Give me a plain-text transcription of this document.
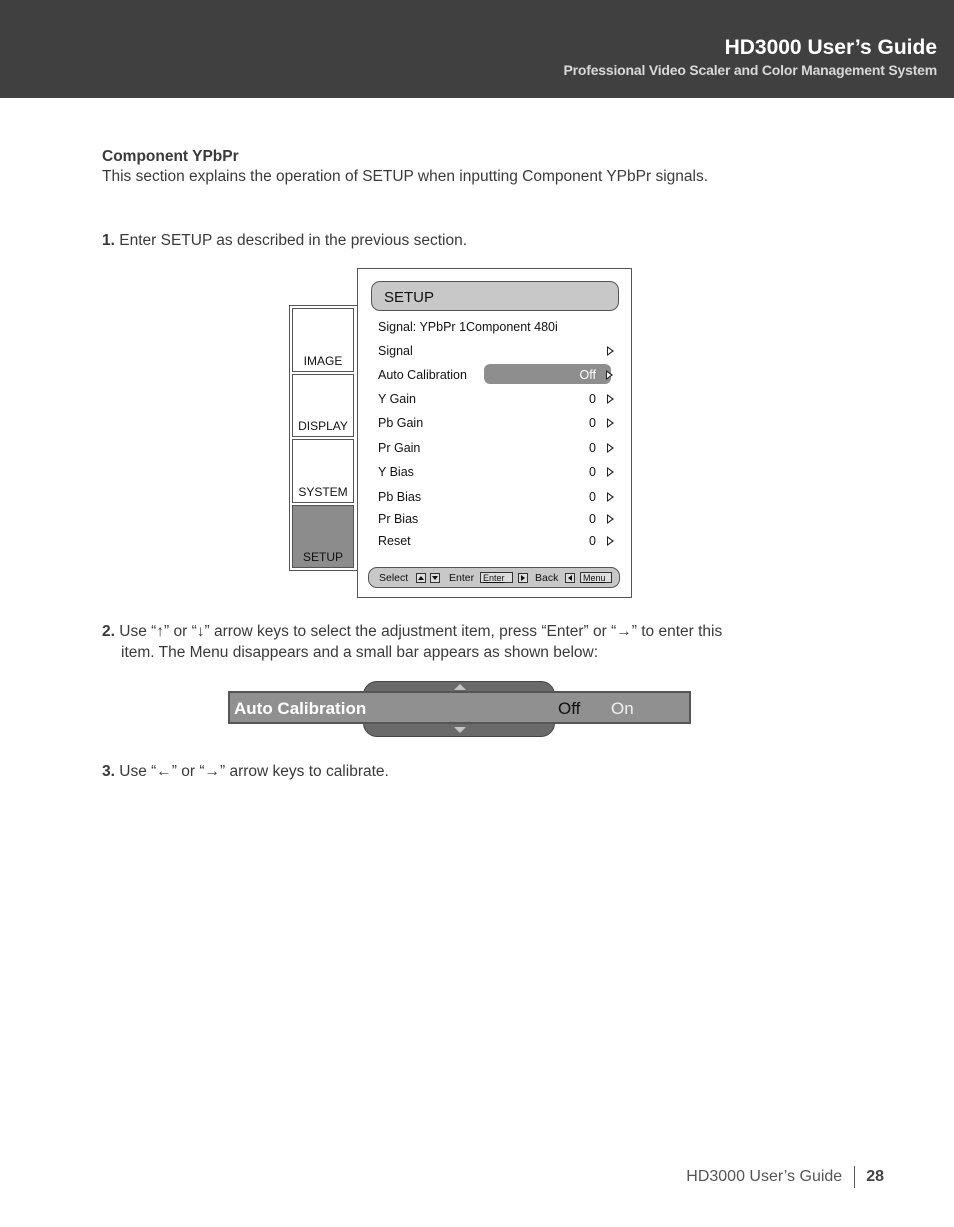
HD3000 User’s Guide
Professional Video Scaler and Color Management System
Component YPbPr
This section explains the operation of SETUP when inputting Component YPbPr signals.
1. Enter SETUP as described in the previous section.
IMAGE
DISPLAY
SYSTEM
SETUP
SETUP
Signal: YPbPr 1Component 480i
Signal
Auto Calibration	Off
Y Gain	0
Pb Gain	0
Pr Gain	0
Y Bias	0
Pb Bias	0
Pr Bias	0
Reset	0
Select	Enter Enter	Back	Menu
2. Use “↑” or “↓” arrow keys to select the adjustment item, press “Enter” or “→” to enter this
item. The Menu disappears and a small bar appears as shown below:
Auto Calibration	Off On
3. Use “←” or “→” arrow keys to calibrate.
HD3000 User’s Guide 28
